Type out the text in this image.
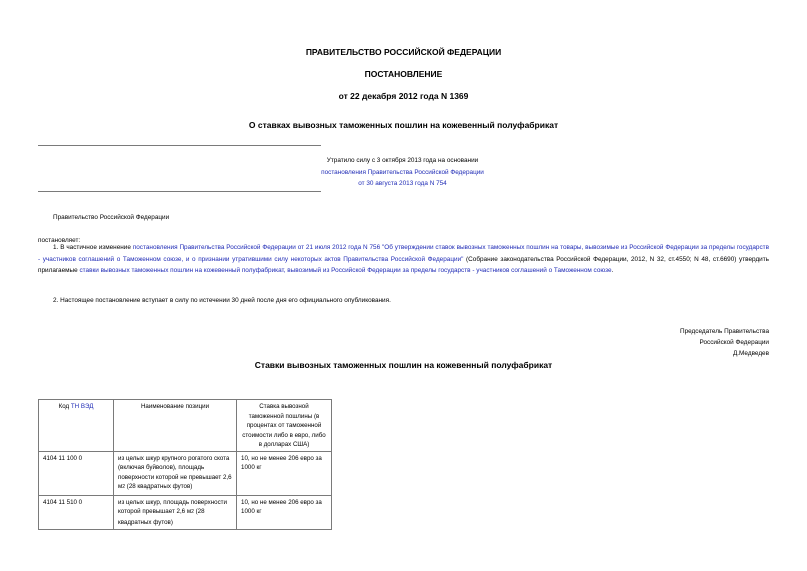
ПРАВИТЕЛЬСТВО РОССИЙСКОЙ ФЕДЕРАЦИИ
ПОСТАНОВЛЕНИЕ
от 22 декабря 2012 года N 1369
О ставках вывозных таможенных пошлин на кожевенный полуфабрикат
Утратило силу с 3 октября 2013 года на основании
постановления Правительства Российской Федерации
от 30 августа 2013 года N 754
Правительство Российской Федерации
постановляет:
1. В частичное изменение постановления Правительства Российской Федерации от 21 июля 2012 года N 756 "Об утверждении ставок вывозных таможенных пошлин на товары, вывозимые из Российской Федерации за пределы государств - участников соглашений о Таможенном союзе, и о признании утратившими силу некоторых актов Правительства Российской Федерации" (Собрание законодательства Российской Федерации, 2012, N 32, ст.4550; N 48, ст.6690) утвердить прилагаемые ставки вывозных таможенных пошлин на кожевенный полуфабрикат, вывозимый из Российской Федерации за пределы государств - участников соглашений о Таможенном союзе.
2. Настоящее постановление вступает в силу по истечении 30 дней после дня его официального опубликования.
Председатель Правительства
Российской Федерации
Д.Медведев
Ставки вывозных таможенных пошлин на кожевенный полуфабрикат
Код ТН ВЭД	Наименование позиции	Ставка вывозной таможенной пошлины (в процентах от таможенной стоимости либо в евро, либо в долларах США)
4104 11 100 0	из целых шкур крупного рогатого скота (включая буйволов), площадь поверхности которой не превышает 2,6 м2 (28 квадратных футов)	10, но не менее 206 евро за 1000 кг
4104 11 510 0	из целых шкур, площадь поверхности которой превышает 2,6 м2 (28 квадратных футов)	10, но не менее 206 евро за 1000 кг
